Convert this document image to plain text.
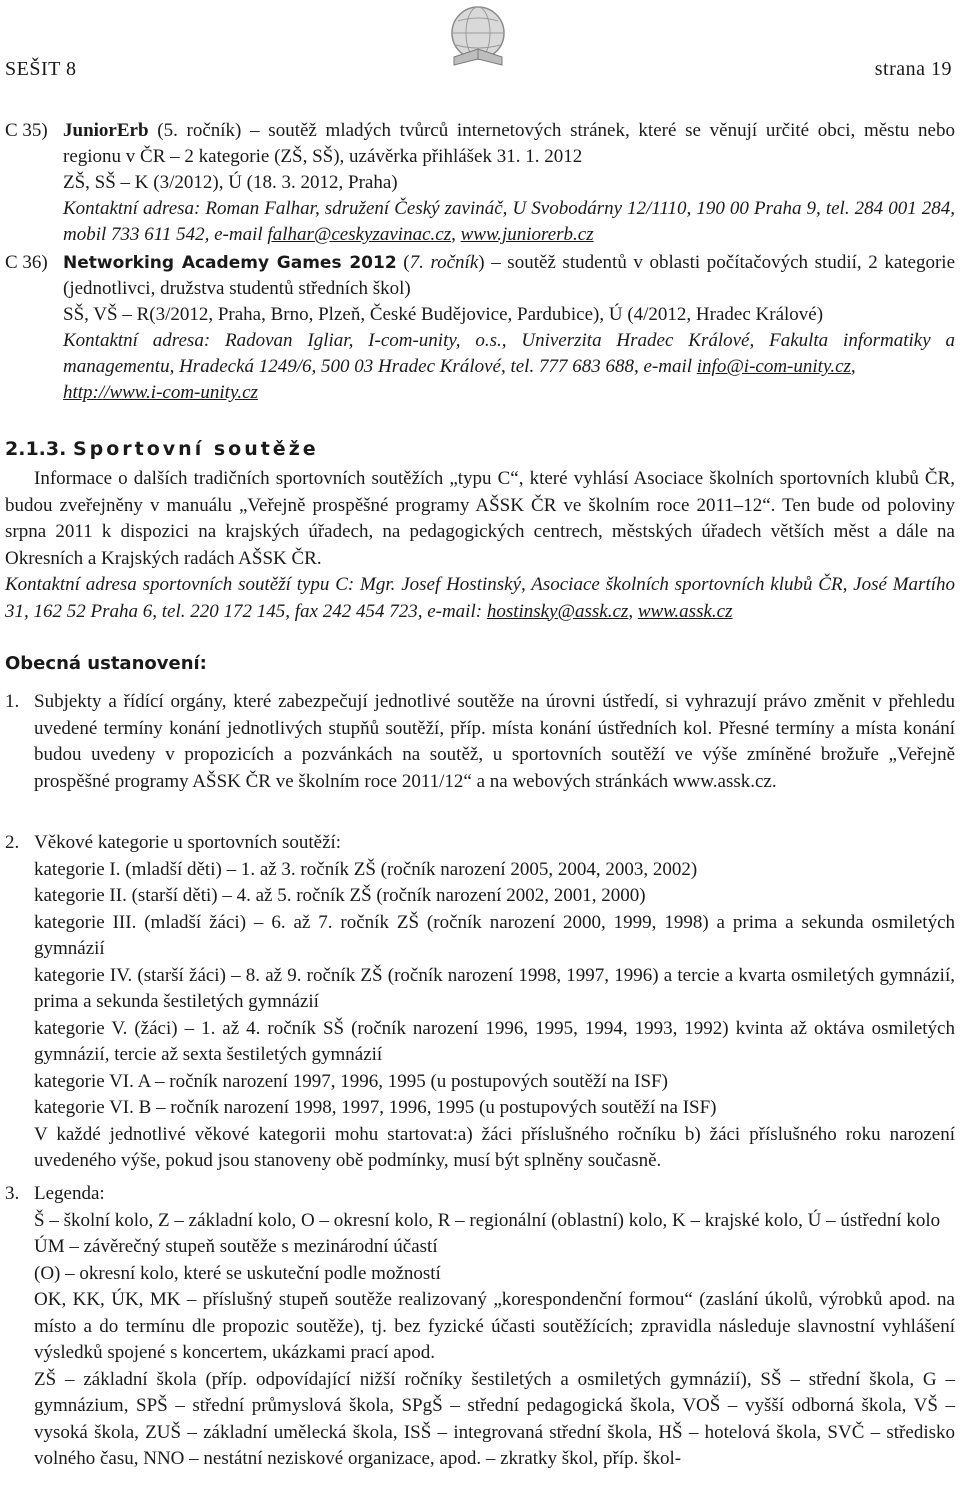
SEŠIT 8	strana 19
C 35) JuniorErb (5. ročník) – soutěž mladých tvůrců internetových stránek, které se věnují určité obci, městu nebo regionu v ČR – 2 kategorie (ZŠ, SŠ), uzávěrka přihlášek 31. 1. 2012

ZŠ, SŠ – K (3/2012), Ú (18. 3. 2012, Praha)

Kontaktní adresa: Roman Falhar, sdružení Český zavináč, U Svobodárny 12/1110, 190 00 Praha 9, tel. 284 001 284, mobil 733 611 542, e-mail falhar@ceskyzavinac.cz, www.juniorerb.cz

C 36) Networking Academy Games 2012 (7. ročník) – soutěž studentů v oblasti počítačových studií, 2 kategorie (jednotlivci, družstva studentů středních škol)

SŠ, VŠ – R(3/2012, Praha, Brno, Plzeň, České Budějovice, Pardubice), Ú (4/2012, Hradec Králové)

Kontaktní adresa: Radovan Igliar, I-com-unity, o.s., Univerzita Hradec Králové, Fakulta informatiky a managementu, Hradecká 1249/6, 500 03 Hradec Králové, tel. 777 683 688, e-mail info@i-com-unity.cz,
http://www.i-com-unity.cz

2.1.3. Sportovní soutěže

Informace o dalších tradičních sportovních soutěžích „typu C“, které vyhlásí Asociace školních sportovních klubů ČR, budou zveřejněny v manuálu „Veřejně prospěšné programy AŠSK ČR ve školním roce 2011–12“. Ten bude od poloviny srpna 2011 k dispozici na krajských úřadech, na pedagogických centrech, městských úřadech větších měst a dále na Okresních a Krajských radách AŠSK ČR.

Kontaktní adresa sportovních soutěží typu C: Mgr. Josef Hostinský, Asociace školních sportovních klubů ČR, José Martího 31, 162 52 Praha 6, tel. 220 172 145, fax 242 454 723, e-mail: hostinsky@assk.cz, www.assk.cz

Obecná ustanovení:
1. Subjekty a řídící orgány, které zabezpečují jednotlivé soutěže na úrovni ústředí, si vyhrazují právo změnit v přehledu uvedené termíny konání jednotlivých stupňů soutěží, příp. místa konání ústředních kol. Přesné termíny a místa konání budou uvedeny v propozicích a pozvánkách na soutěž, u sportovních soutěží ve výše zmíněné brožuře „Veřejně prospěšné programy AŠSK ČR ve školním roce 2011/12“ a na webových stránkách www.assk.cz.

2. Věkové kategorie u sportovních soutěží:

kategorie I. (mladší děti) – 1. až 3. ročník ZŠ (ročník narození 2005, 2004, 2003, 2002)

kategorie II. (starší děti) – 4. až 5. ročník ZŠ (ročník narození 2002, 2001, 2000)

kategorie III. (mladší žáci) – 6. až 7. ročník ZŠ (ročník narození 2000, 1999, 1998) a prima a sekunda osmiletých gymnázií

kategorie IV. (starší žáci) – 8. až 9. ročník ZŠ (ročník narození 1998, 1997, 1996) a tercie a kvarta osmiletých gymnázií, prima a sekunda šestiletých gymnázií

kategorie V. (žáci) – 1. až 4. ročník SŠ (ročník narození 1996, 1995, 1994, 1993, 1992) kvinta až oktáva osmiletých gymnázií, tercie až sexta šestiletých gymnázií

kategorie VI. A – ročník narození 1997, 1996, 1995 (u postupových soutěží na ISF)

kategorie VI. B – ročník narození 1998, 1997, 1996, 1995 (u postupových soutěží na ISF)

V každé jednotlivé věkové kategorii mohu startovat:a) žáci příslušného ročníku b) žáci příslušného roku narození uvedeného výše, pokud jsou stanoveny obě podmínky, musí být splněny současně.

3. Legenda:

Š – školní kolo, Z – základní kolo, O – okresní kolo, R – regionální (oblastní) kolo, K – krajské kolo, Ú – ústřední kolo

ÚM – závěrečný stupeň soutěže s mezinárodní účastí

(O) – okresní kolo, které se uskuteční podle možností

OK, KK, ÚK, MK – příslušný stupeň soutěže realizovaný „korespondenční formou“ (zaslání úkolů, výrobků apod. na místo a do termínu dle propozic soutěže), tj. bez fyzické účasti soutěžících; zpravidla následuje slavnostní vyhlášení výsledků spojené s koncertem, ukázkami prací apod.

ZŠ – základní škola (příp. odpovídající nižší ročníky šestiletých a osmiletých gymnázií), SŠ – střední škola, G – gymnázium, SPŠ – střední průmyslová škola, SPgŠ – střední pedagogická škola, VOŠ – vyšší odborná škola, VŠ – vysoká škola, ZUŠ – základní umělecká škola, ISŠ – integrovaná střední škola, HŠ – hotelová škola, SVČ – středisko volného času, NNO – nestátní neziskové organizace, apod. – zkratky škol, příp. škol-
